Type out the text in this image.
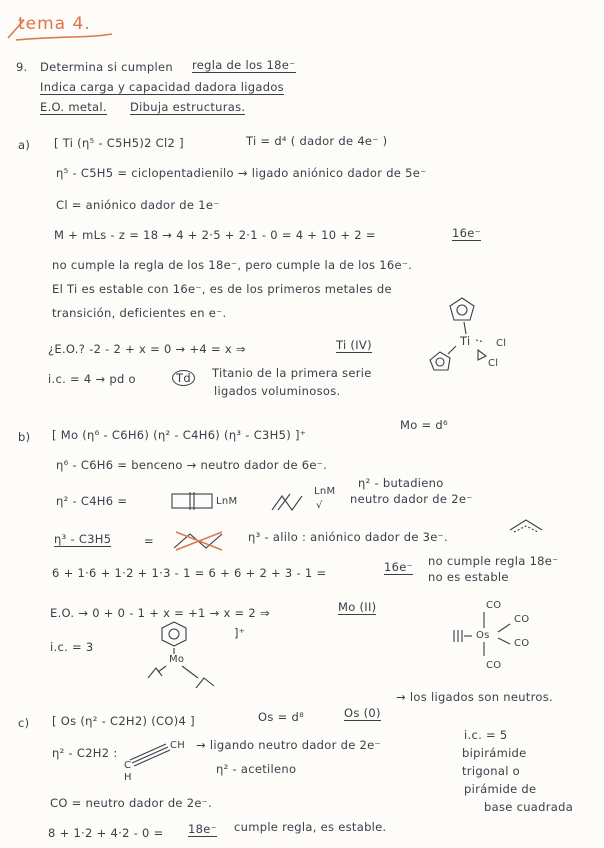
tema 4.
9. Determina si cumplen regla de los 18e⁻
Indica carga y capacidad dadora ligados
E.O. metal. Dibuja estructuras.
a) [ Ti (η⁵ - C5H5)2 Cl2 ]	Ti = d⁴ ( dador de 4e⁻ )
η⁵ - C5H5 = ciclopentadienilo → ligado aniónico dador de 5e⁻
Cl = aniónico dador de 1e⁻
M + mLs - z = 18 → 4 + 2·5 + 2·1 - 0 = 4 + 10 + 2 =	16e⁻
no cumple la regla de los 18e⁻, pero cumple la de los 16e⁻.
El Ti es estable con 16e⁻, es de los primeros metales de
transición, deficientes en e⁻.
¿E.O.? -2 - 2 + x = 0 → +4 = x ⇒	Ti (IV)
i.c. = 4 → pd o	Td	Titanio de la primera serie
ligados voluminosos.
Ti	Cl
Cl
b) [ Mo (η⁶ - C6H6) (η² - C4H6) (η³ - C3H5) ]⁺
Mo = d⁶
η⁶ - C6H6 = benceno → neutro dador de 6e⁻.
η² - C4H6 =	LnM
LnM
√
η² - butadieno
neutro dador de 2e⁻
η³ - C3H5	=	η³ - alilo : aniónico dador de 3e⁻.
6 + 1·6 + 1·2 + 1·3 - 1 = 6 + 6 + 2 + 3 - 1 =	16e⁻ no cumple regla 18e⁻
no es estable
E.O. → 0 + 0 - 1 + x = +1 → x = 2 ⇒	Mo (II)
i.c. = 3
Mo
]⁺	Os
CO
CO
CO
CO
c) [ Os (η² - C2H2) (CO)4 ]	Os = d⁸	Os (0)
→ los ligados son neutros.
η² - C2H2 :
CH
C
H
→ ligando neutro dador de 2e⁻
η² - acetileno
i.c. = 5
bipirámide
trigonal o
pirámide de
base cuadrada
CO = neutro dador de 2e⁻.
8 + 1·2 + 4·2 - 0 = 18e⁻ cumple regla, es estable.
